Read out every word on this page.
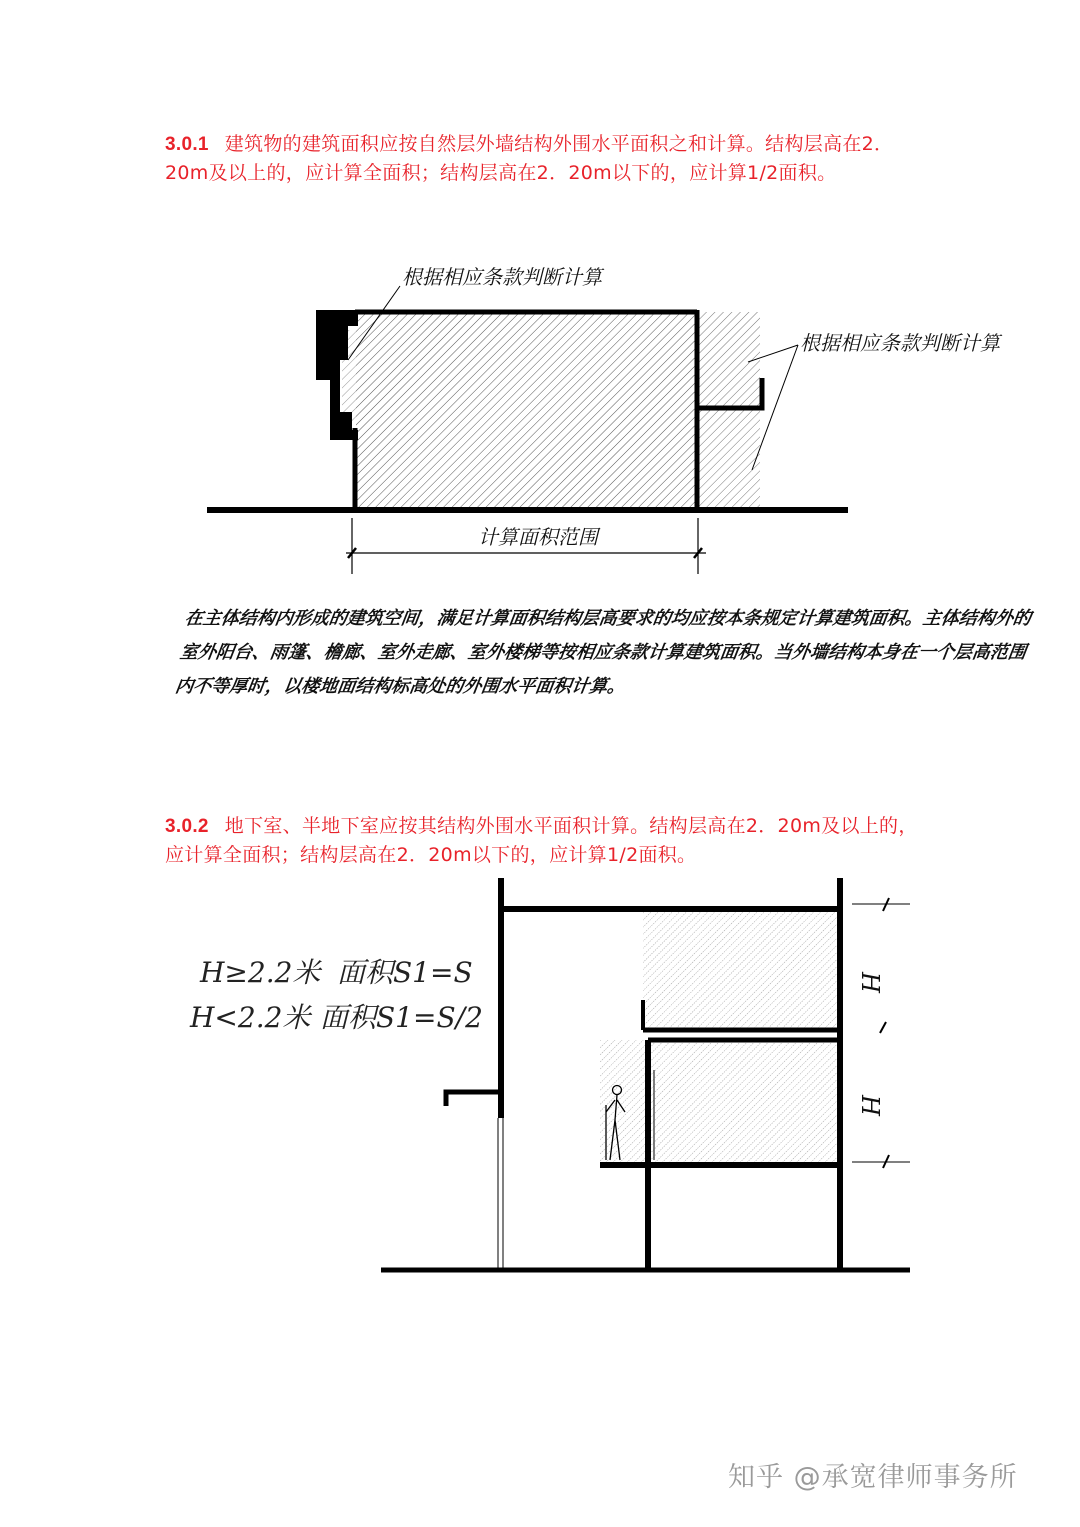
3.0.1 建筑物的建筑面积应按自然层外墙结构外围水平面积之和计算。结构层高在2．20m及以上的，应计算全面积；结构层高在2．20m以下的，应计算1/2面积。
根据相应条款判断计算
根据相应条款判断计算
计算面积范围
H
H
H≥2.2米 面积S1=S
H<2.2米 面积S1=S/2
在主体结构内形成的建筑空间，满足计算面积结构层高要求的均应按本条规定计算建筑面积。主体结构外的室外阳台、雨篷、檐廊、室外走廊、室外楼梯等按相应条款计算建筑面积。当外墙结构本身在一个层高范围内不等厚时，以楼地面结构标高处的外围水平面积计算。
3.0.2 地下室、半地下室应按其结构外围水平面积计算。结构层高在2．20m及以上的，应计算全面积；结构层高在2．20m以下的，应计算1/2面积。
知乎 @承宽律师事务所
